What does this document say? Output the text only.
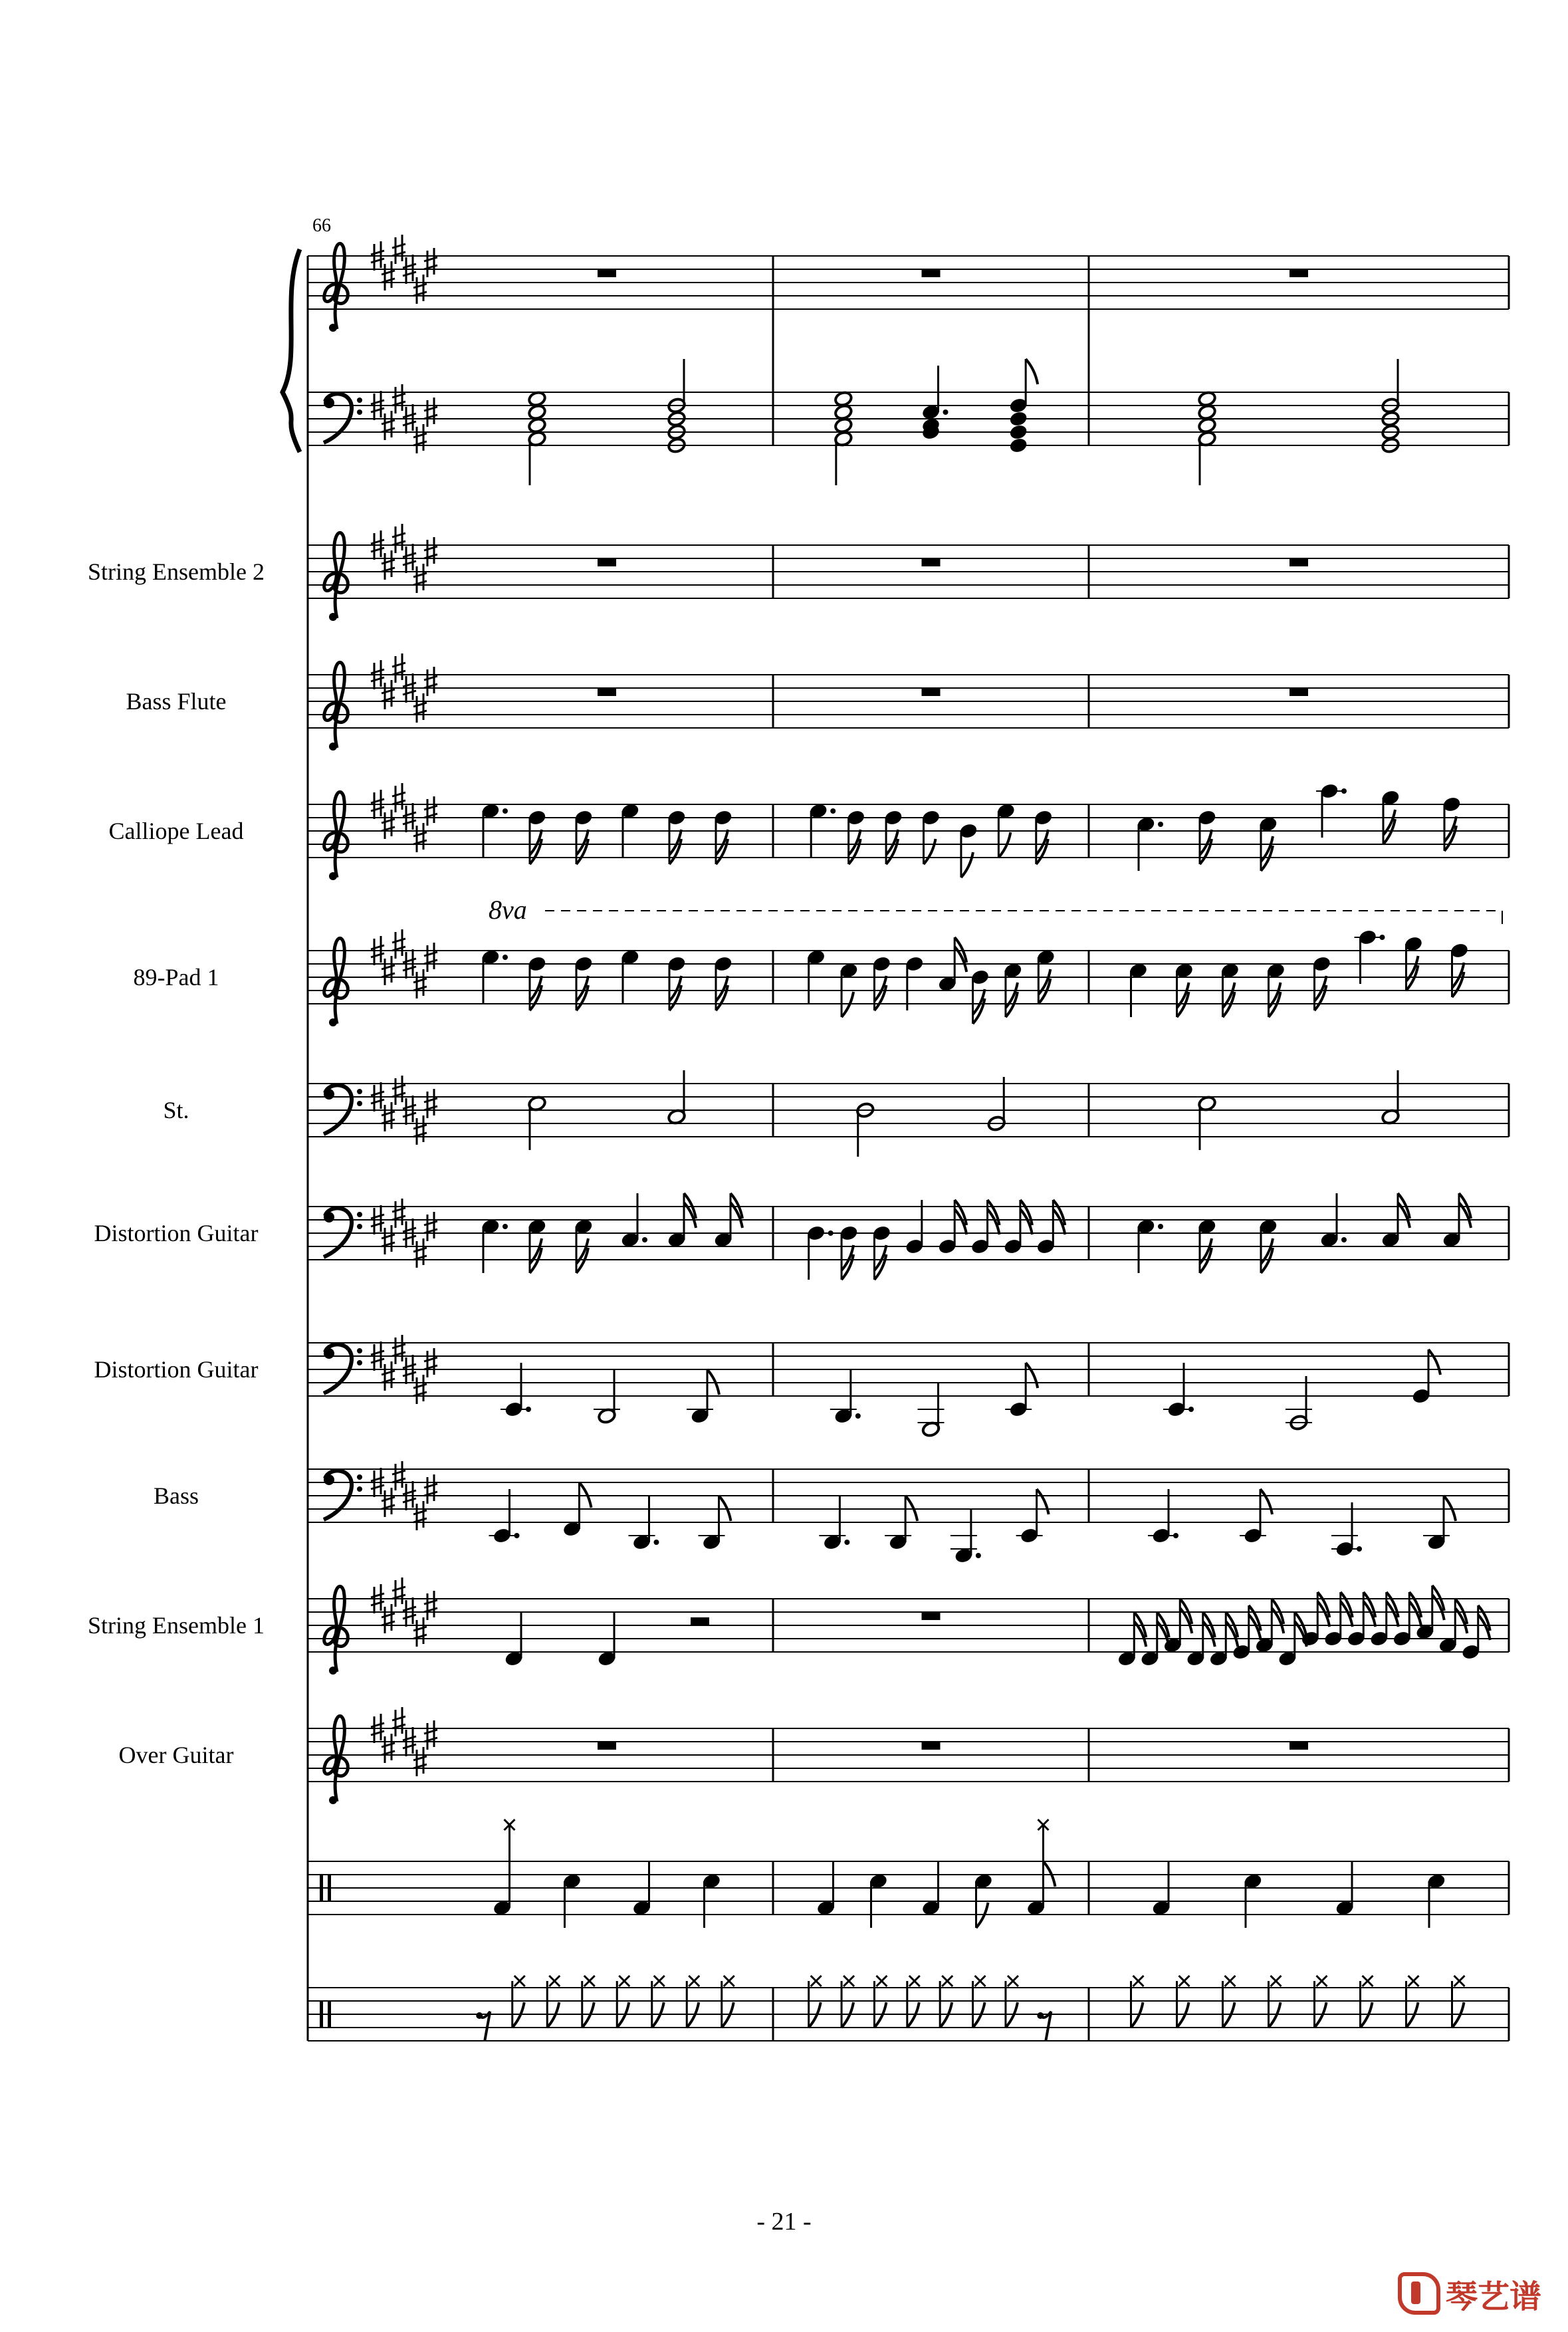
66
String Ensemble 2
Bass Flute
Calliope Lead
89-Pad 1
8va
St.
Distortion Guitar
Distortion Guitar
Bass
String Ensemble 1
Over Guitar
- 21 -
琴艺谱
